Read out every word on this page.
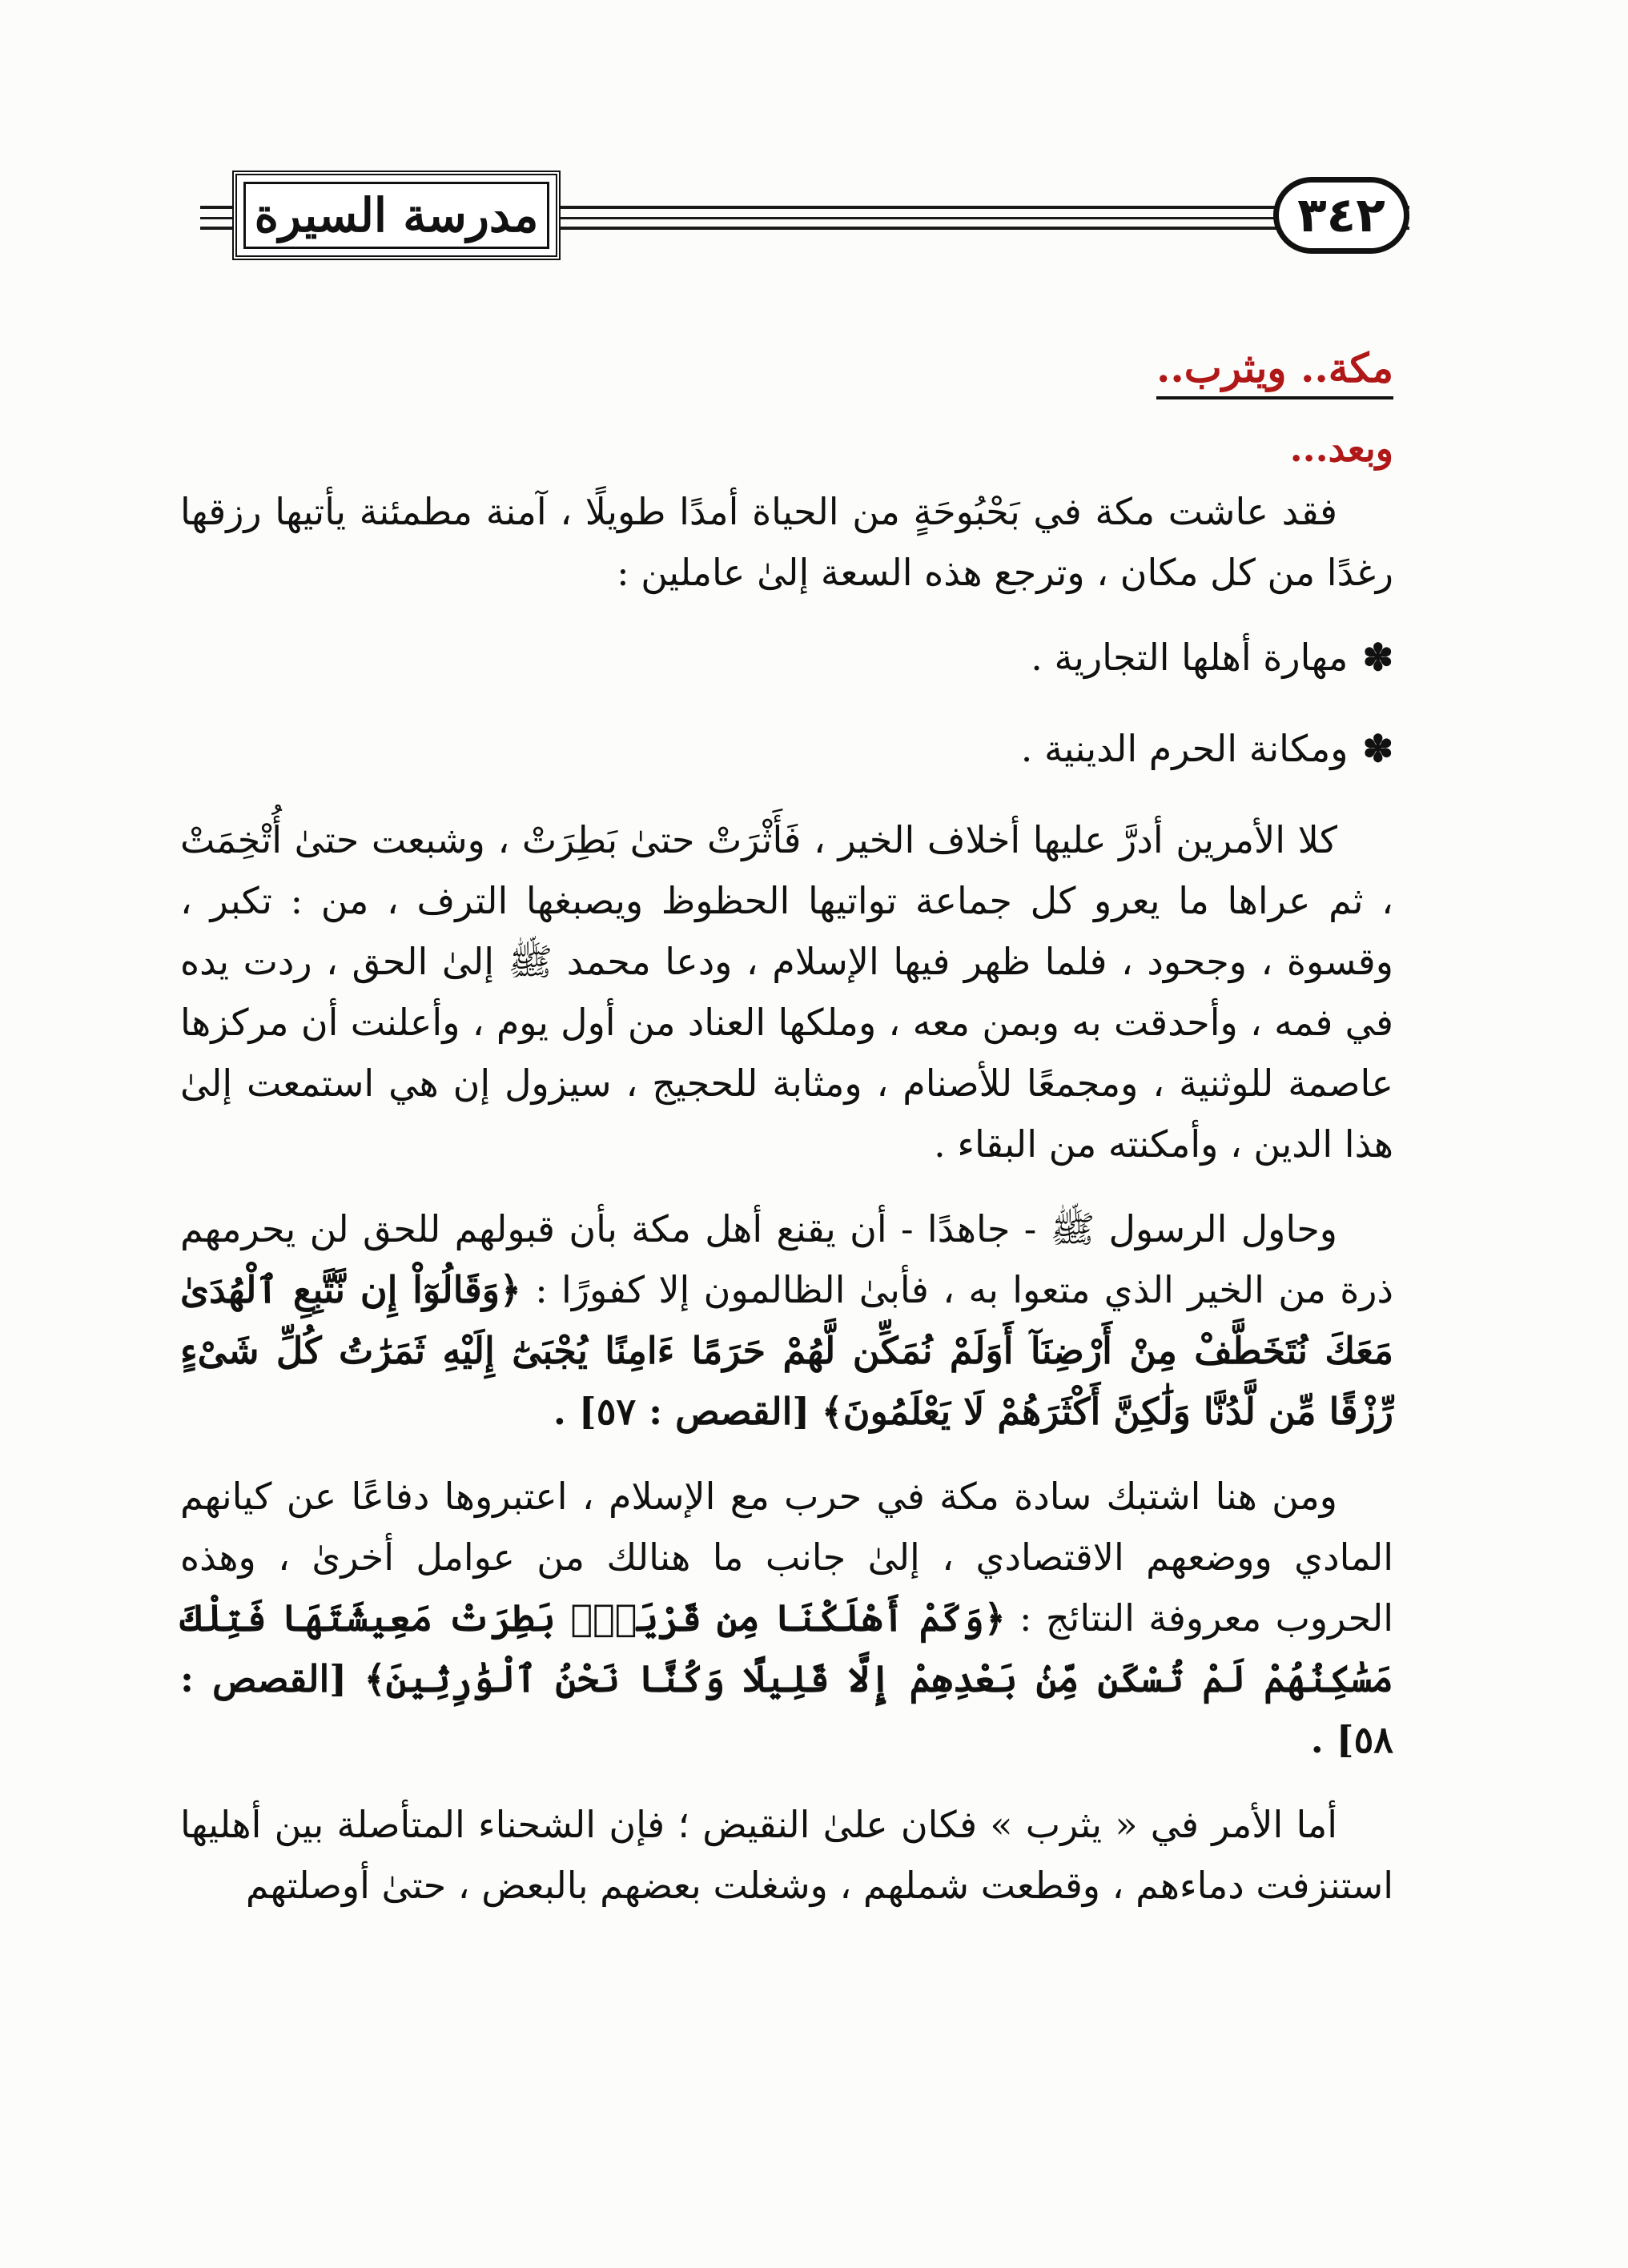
مدرسة السيرة	٣٤٢
مكة.. ويثرب..
وبعد...

فقد عاشت مكة في بَحْبُوحَةٍ من الحياة أمدًا طويلًا ، آمنة مطمئنة يأتيها رزقها رغدًا من كل مكان ، وترجع هذه السعة إلىٰ عاملين :

✽
مهارة أهلها التجارية .
✽
ومكانة الحرم الدينية .

كلا الأمرين أدرَّ عليها أخلاف الخير ، فَأَثْرَتْ حتىٰ بَطِرَتْ ، وشبعت حتىٰ أُتْخِمَتْ ، ثم عراها ما يعرو كل جماعة تواتيها الحظوظ ويصبغها الترف ، من : تكبر ، وقسوة ، وجحود ، فلما ظهر فيها الإسلام ، ودعا محمد ﷺ إلىٰ الحق ، ردت يده في فمه ، وأحدقت به وبمن معه ، وملكها العناد من أول يوم ، وأعلنت أن مركزها عاصمة للوثنية ، ومجمعًا للأصنام ، ومثابة للحجيج ، سيزول إن هي استمعت إلىٰ هذا الدين ، وأمكنته من البقاء .

وحاول الرسول ﷺ - جاهدًا - أن يقنع أهل مكة بأن قبولهم للحق لن يحرمهم ذرة من الخير الذي متعوا به ، فأبىٰ الظالمون إلا كفورًا : ﴿وَقَالُوٓاْ إِن نَّتَّبِعِ ٱلْهُدَىٰ مَعَكَ نُتَخَطَّفْ مِنْ أَرْضِنَآ أَوَلَمْ نُمَكِّن لَّهُمْ حَرَمًا ءَامِنًا يُجْبَىٰٓ إِلَيْهِ ثَمَرَٰتُ كُلِّ شَىْءٍ رِّزْقًا مِّن لَّدُنَّا وَلَٰكِنَّ أَكْثَرَهُمْ لَا يَعْلَمُونَ﴾ [القصص : ٥٧] .

ومن هنا اشتبك سادة مكة في حرب مع الإسلام ، اعتبروها دفاعًا عن كيانهم المادي ووضعهم الاقتصادي ، إلىٰ جانب ما هنالك من عوامل أخرىٰ ، وهذه الحروب معروفة النتائج : ﴿وَكَمْ أَهْلَكْنَا مِن قَرْيَةٍۭ بَطِرَتْ مَعِيشَتَهَا فَتِلْكَ مَسَٰكِنُهُمْ لَمْ تُسْكَن مِّنۢ بَعْدِهِمْ إِلَّا قَلِيلًا وَكُنَّا نَحْنُ ٱلْوَٰرِثِينَ﴾ [القصص : ٥٨] .

أما الأمر في « يثرب » فكان علىٰ النقيض ؛ فإن الشحناء المتأصلة بين أهليها استنزفت دماءهم ، وقطعت شملهم ، وشغلت بعضهم بالبعض ، حتىٰ أوصلتهم
